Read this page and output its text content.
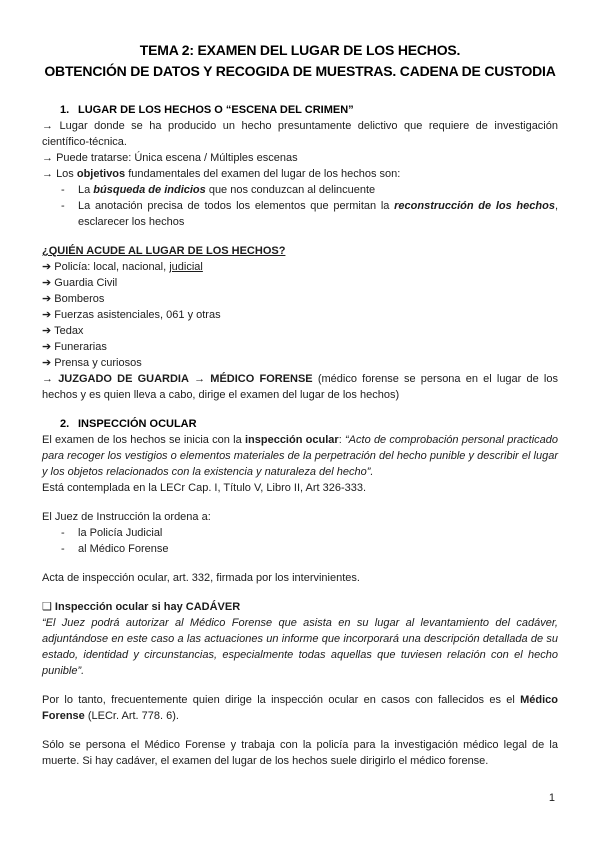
TEMA 2: EXAMEN DEL LUGAR DE LOS HECHOS.
OBTENCIÓN DE DATOS Y RECOGIDA DE MUESTRAS. CADENA DE CUSTODIA

1. LUGAR DE LOS HECHOS O “ESCENA DEL CRIMEN”

→ Lugar donde se ha producido un hecho presuntamente delictivo que requiere de investigación científico-técnica.

→ Puede tratarse: Única escena / Múltiples escenas

→ Los objetivos fundamentales del examen del lugar de los hechos son:

- La búsqueda de indicios que nos conduzcan al delincuente

- La anotación precisa de todos los elementos que permitan la reconstrucción de los hechos, esclarecer los hechos

¿QUIÉN ACUDE AL LUGAR DE LOS HECHOS?

➔ Policía: local, nacional, judicial

➔ Guardia Civil

➔ Bomberos

➔ Fuerzas asistenciales, 061 y otras

➔ Tedax

➔ Funerarias

➔ Prensa y curiosos

→ JUZGADO DE GUARDIA → MÉDICO FORENSE (médico forense se persona en el lugar de los hechos y es quien lleva a cabo, dirige el examen del lugar de los hechos)

2. INSPECCIÓN OCULAR

El examen de los hechos se inicia con la inspección ocular: “Acto de comprobación personal practicado para recoger los vestigios o elementos materiales de la perpetración del hecho punible y describir el lugar y los objetos relacionados con la existencia y naturaleza del hecho”.

Está contemplada en la LECr Cap. I, Título V, Libro II, Art 326-333.

El Juez de Instrucción la ordena a:

- la Policía Judicial

- al Médico Forense

Acta de inspección ocular, art. 332, firmada por los intervinientes.

❑ Inspección ocular si hay CADÁVER

“El Juez podrá autorizar al Médico Forense que asista en su lugar al levantamiento del cadáver, adjuntándose en este caso a las actuaciones un informe que incorporará una descripción detallada de su estado, identidad y circunstancias, especialmente todas aquellas que tuviesen relación con el hecho punible”.

Por lo tanto, frecuentemente quien dirige la inspección ocular en casos con fallecidos es el Médico Forense (LECr. Art. 778. 6).

Sólo se persona el Médico Forense y trabaja con la policía para la investigación médico legal de la muerte. Si hay cadáver, el examen del lugar de los hechos suele dirigirlo el médico forense.

1
